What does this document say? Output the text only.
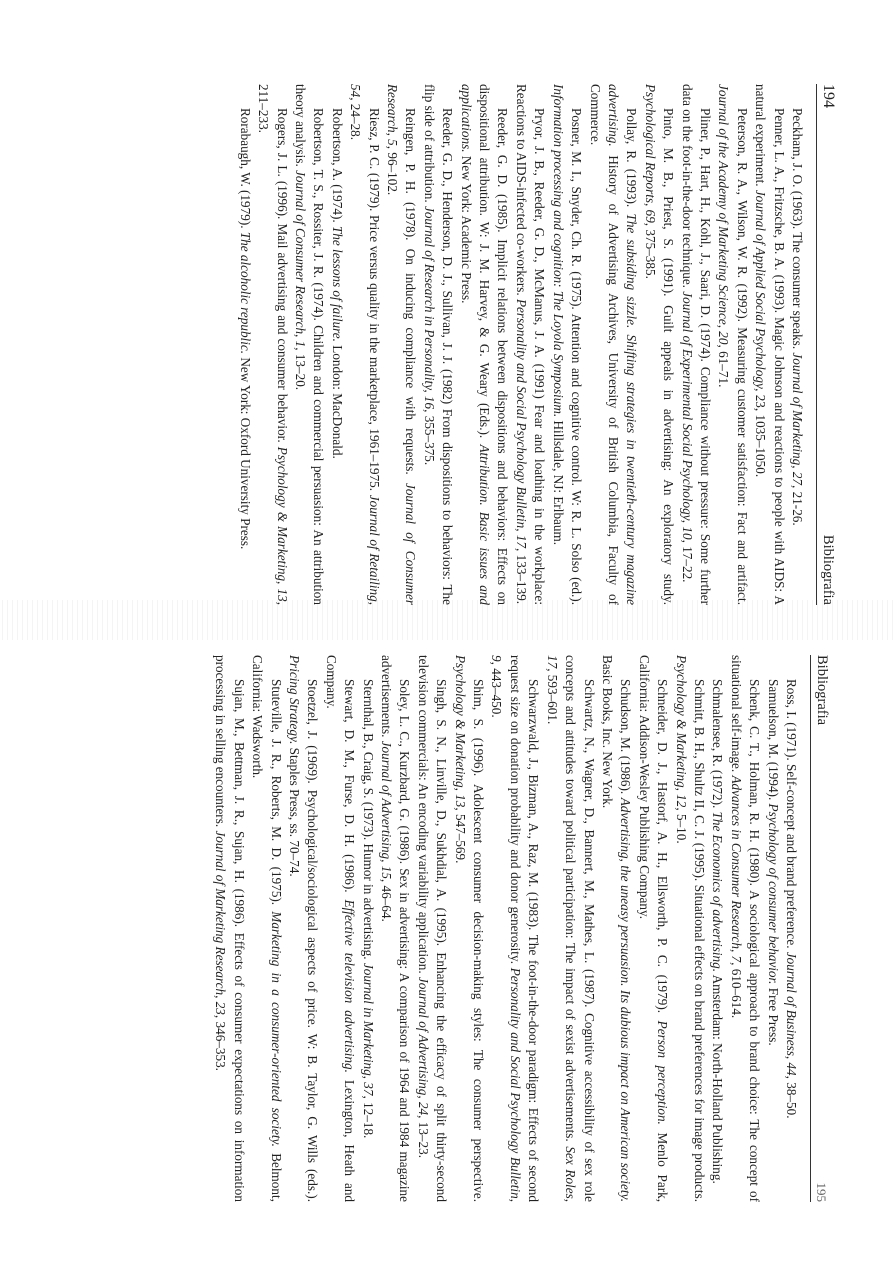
194
Bibliografia

Peckham, J. O. (1963). The consumer speaks. Journal of Marketing, 27, 21-26.

Penner, L. A., Fritzsche, B. A. (1993). Magic Johnson and reactions to people with AIDS: A natural experiment. Journal of Applied Social Psychology, 23, 1035–1050.

Peterson, R. A., Wilson, W. R. (1992). Measuring customer satisfaction: Fact and artifact. Journal of the Academy of Marketing Science, 20, 61–71.

Pliner, P., Hart, H., Kohl, J., Saari, D. (1974). Compliance without pressure: Some further data on the foot-in-the-door technique. Journal of Experimental Social Psychology, 10, 17–22.

Pinto, M. B., Priest, S. (1991). Guilt appeals in advertising: An exploratory study. Psychological Reports, 69, 375–385.

Pollay, R. (1993). The subsiding sizzle. Shifting strategies in twentieth-century magazine advertising. History of Advertising Archives, University of British Columbia, Faculty of Commerce.

Posner, M. I., Snyder, Ch. R. (1975). Attention and cognitive control. W: R. L. Solso (ed.). Information processing and cognition: The Loyola Symposium. Hillsdale, NJ: Erlbaum.

Pryor, J. B., Reeder, G. D., McManus, J. A. (1991) Fear and loathing in the workplace: Reactions to AIDS-infected co-workers. Personality and Social Psychology Bulletin, 17, 133–139.

Reeder, G. D. (1985). Implicit relations between dispositions and behaviors: Effects on dispositional attribution. W: J. M. Harvey, & G. Weary (Eds.). Attribution. Basic issues and applications. New York: Academic Press.

Reeder, G. D., Henderson, D. J., Sullivan, J. J. (1982) From dispositions to behaviors: The flip side of attribution. Journal of Research in Personality, 16, 355–375.

Reingen, P. H. (1978). On inducing compliance with requests. Journal of Consumer Research, 5, 96–102.

Riesz, P. C. (1979). Price versus quality in the marketplace, 1961–1975. Journal of Retailing, 54, 24–28.

Robertson, A. (1974). The lessons of failure. London: MacDonald.

Robertson, T. S., Rossiter, J. R. (1974). Children and commercial persuasion: An attribution theory analysis. Journal of Consumer Research, 1, 13–20.

Rogers, J. L. (1996). Mail advertising and consumer behavior. Psychology & Marketing, 13, 211–233.

Rorabaugh, W. (1979). The alcoholic republic. New York: Oxford University Press.

Bibliografia
195

Ross, I. (1971). Self-concept and brand preference. Journal of Business, 44, 38–50.

Samuelson, M. (1994). Psychology of consumer behavior. Free Press.

Schenk, C. T., Holman, R. H. (1980). A sociological approach to brand choice: The concept of situational self-image. Advances in Consumer Research, 7, 610–614.

Schmalensee, R. (1972). The Economics of advertising. Amsterdam: North-Holland Publishing.

Schmitt, B. H., Shultz II, C. J. (1995). Situational effects on brand preferences for image products. Psychology & Marketing, 12, 5–10.

Schneider, D. J., Hastorf, A. H., Ellsworth, P. C. (1979). Person perception. Menlo Park, California: Addison-Wesley Publishing Company.

Schudson, M. (1986). Advertising, the uneasy persuasion. Its dubious impact on American society. Basic Books, Inc. New York.

Schwartz, N., Wagner, D., Bannert, M., Mathes, L. (1987). Cognitive accessibility of sex role concepts and attitudes toward political participation: The impact of sexist advertisements. Sex Roles, 17, 593–601.

Schwarzwald, J., Bizman, A., Raz, M. (1983). The foot-in-the-door paradigm: Effects of second request size on donation probability and donor generosity. Personality and Social Psychology Bulletin, 9, 443–450.

Shim, S. (1996). Adolescent consumer decision-making styles: The consumer perspective. Psychology & Marketing, 13, 547–569.

Singh, S. N., Linville, D., Sukhdial, A. (1995). Enhancing the efficacy of split thirty-second television commercials: An encoding variability application. Journal of Advertising, 24, 13–23.

Soley, L. C., Kurzbard, G. (1986). Sex in advertising: A comparison of 1964 and 1984 magazine advertisements. Journal of Advertising, 15, 46–64.

Sternthal, B., Craig, S. (1973). Humor in advertising. Journal in Marketing, 37, 12–18.

Stewart, D. M., Furse, D. H. (1986). Effective television advertising. Lexington, Heath and Company.

Stoetzel, J. (1969). Psychological/sociological aspects of price. W: B. Taylor, G. Wills (eds.). Pricing Strategy. Staples Press, ss. 70–74.

Stuteville, J. R., Roberts, M. D. (1975). Marketing in a consumer-oriented society. Belmont, California: Wadsworth.

Sujan, M., Bettman, J. R., Sujan, H. (1986). Effects of consumer expectations on information processing in selling encounters. Journal of Marketing Research, 23, 346–353.
